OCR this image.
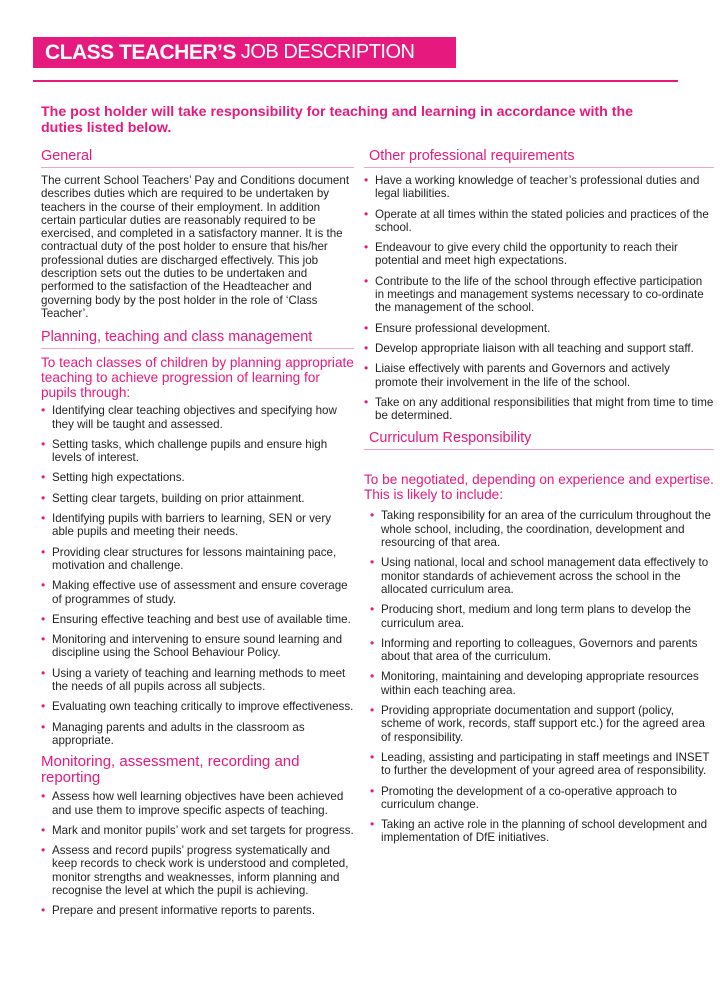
CLASS TEACHER’S JOB DESCRIPTION
The post holder will take responsibility for teaching and learning in accordance with the duties listed below.
General
The current School Teachers’ Pay and Conditions document describes duties which are required to be undertaken by teachers in the course of their employment. In addition certain particular duties are reasonably required to be exercised, and completed in a satisfactory manner. It is the contractual duty of the post holder to ensure that his/her professional duties are discharged effectively. This job description sets out the duties to be undertaken and performed to the satisfaction of the Headteacher and governing body by the post holder in the role of ‘Class Teacher’.
Planning, teaching and class management
To teach classes of children by planning appropriate teaching to achieve progression of learning for pupils through:
• Identifying clear teaching objectives and specifying how they will be taught and assessed.
• Setting tasks, which challenge pupils and ensure high levels of interest.
• Setting high expectations.
• Setting clear targets, building on prior attainment.
• Identifying pupils with barriers to learning, SEN or very able pupils and meeting their needs.
• Providing clear structures for lessons maintaining pace, motivation and challenge.
• Making effective use of assessment and ensure coverage of programmes of study.
• Ensuring effective teaching and best use of available time.
• Monitoring and intervening to ensure sound learning and discipline using the School Behaviour Policy.
• Using a variety of teaching and learning methods to meet the needs of all pupils across all subjects.
• Evaluating own teaching critically to improve effectiveness.
• Managing parents and adults in the classroom as appropriate.
Monitoring, assessment, recording and reporting
• Assess how well learning objectives have been achieved and use them to improve specific aspects of teaching.
• Mark and monitor pupils’ work and set targets for progress.
• Assess and record pupils’ progress systematically and keep records to check work is understood and completed, monitor strengths and weaknesses, inform planning and recognise the level at which the pupil is achieving.
• Prepare and present informative reports to parents.
Other professional requirements
• Have a working knowledge of teacher’s professional duties and legal liabilities.
• Operate at all times within the stated policies and practices of the school.
• Endeavour to give every child the opportunity to reach their potential and meet high expectations.
• Contribute to the life of the school through effective participation in meetings and management systems necessary to co-ordinate the management of the school.
• Ensure professional development.
• Develop appropriate liaison with all teaching and support staff.
• Liaise effectively with parents and Governors and actively promote their involvement in the life of the school.
• Take on any additional responsibilities that might from time to time be determined.
Curriculum Responsibility
To be negotiated, depending on experience and expertise. This is likely to include:
• Taking responsibility for an area of the curriculum throughout the whole school, including, the coordination, development and resourcing of that area.
• Using national, local and school management data effectively to monitor standards of achievement across the school in the allocated curriculum area.
• Producing short, medium and long term plans to develop the curriculum area.
• Informing and reporting to colleagues, Governors and parents about that area of the curriculum.
• Monitoring, maintaining and developing appropriate resources within each teaching area.
• Providing appropriate documentation and support (policy, scheme of work, records, staff support etc.) for the agreed area of responsibility.
• Leading, assisting and participating in staff meetings and INSET to further the development of your agreed area of responsibility.
• Promoting the development of a co-operative approach to curriculum change.
• Taking an active role in the planning of school development and implementation of DfE initiatives.
